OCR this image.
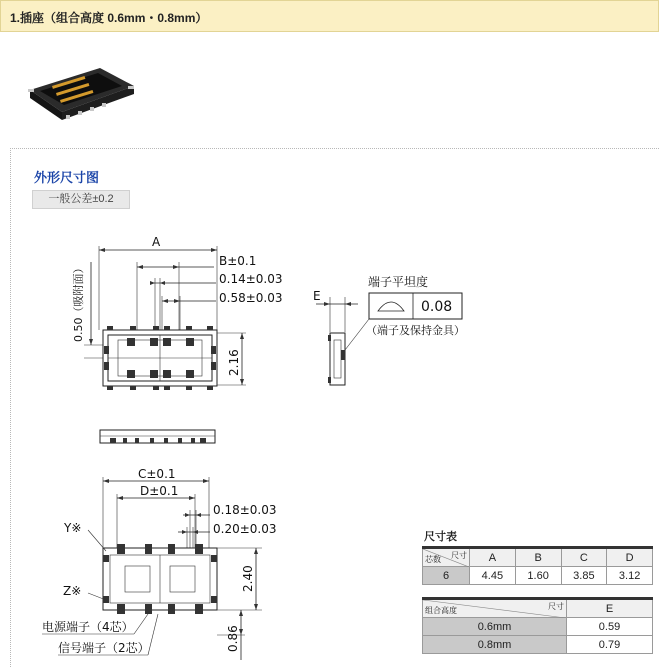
1.插座（组合高度 0.6mm・0.8mm）
外形尺寸图
一般公差±0.2
A
B±0.1
0.14±0.03
0.58±0.03
0.50（吸附面）
2.16
E
端子平坦度
0.08
（端子及保持金具）
C±0.1
D±0.1
0.18±0.03
0.20±0.03
2.40
0.86
Y※
Z※
电源端子（4芯）
信号端子（2芯）
尺寸表
尺寸
芯数	A	B	C	D
6	4.45	1.60	3.85	3.12
尺寸
组合高度	E
0.6mm	0.59
0.8mm	0.79
